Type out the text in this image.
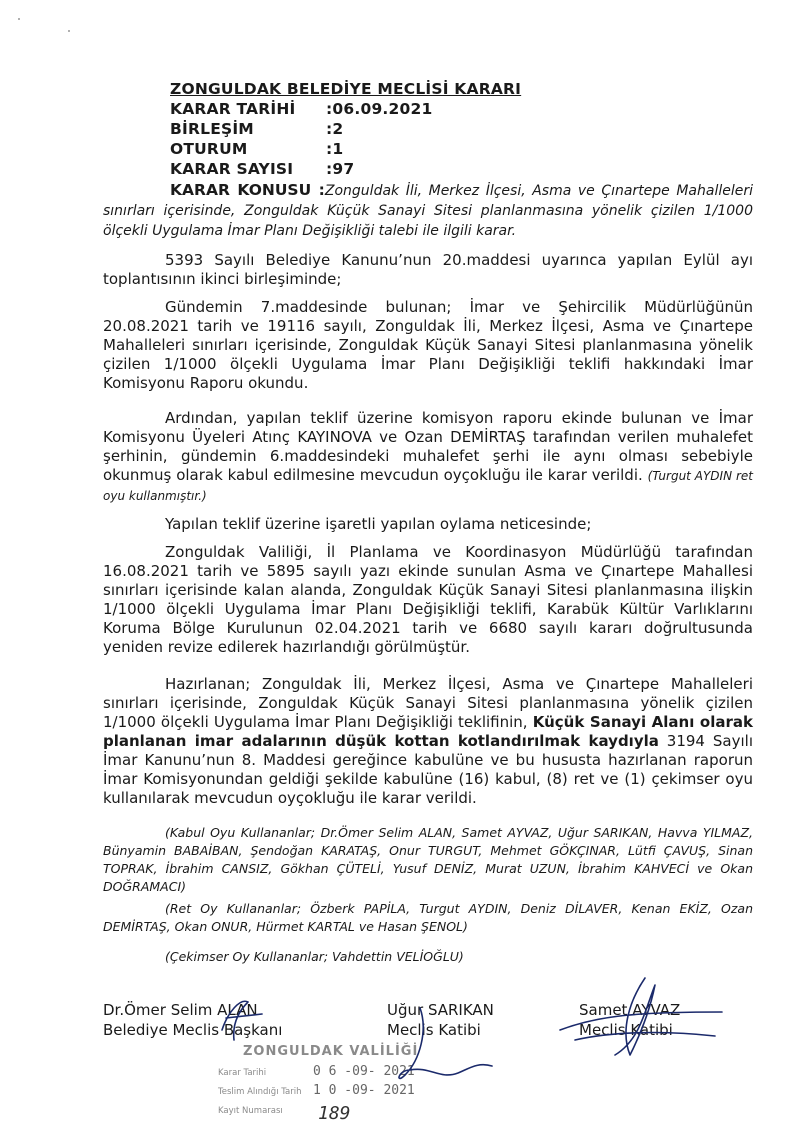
ZONGULDAK BELEDİYE MECLİSİ KARARI
KARAR TARİHİ	:06.09.2021
BİRLEŞİM	:2
OTURUM	:1
KARAR SAYISI	:97
KARAR KONUSU :Zonguldak İli, Merkez İlçesi, Asma ve Çınartepe Mahalleleri sınırları içerisinde, Zonguldak Küçük Sanayi Sitesi planlanmasına yönelik çizilen 1/1000 ölçekli Uygulama İmar Planı Değişikliği talebi ile ilgili karar.
5393 Sayılı Belediye Kanunu’nun 20.maddesi uyarınca yapılan Eylül ayı toplantısının ikinci birleşiminde;
Gündemin 7.maddesinde bulunan; İmar ve Şehircilik Müdürlüğünün 20.08.2021 tarih ve 19116 sayılı, Zonguldak İli, Merkez İlçesi, Asma ve Çınartepe Mahalleleri sınırları içerisinde, Zonguldak Küçük Sanayi Sitesi planlanmasına yönelik çizilen 1/1000 ölçekli Uygulama İmar Planı Değişikliği teklifi hakkındaki İmar Komisyonu Raporu okundu.
Ardından, yapılan teklif üzerine komisyon raporu ekinde bulunan ve İmar Komisyonu Üyeleri Atınç KAYINOVA ve Ozan DEMİRTAŞ tarafından verilen muhalefet şerhinin, gündemin 6.maddesindeki muhalefet şerhi ile aynı olması sebebiyle okunmuş olarak kabul edilmesine mevcudun oyçokluğu ile karar verildi. (Turgut AYDIN ret oyu kullanmıştır.)
Yapılan teklif üzerine işaretli yapılan oylama neticesinde;
Zonguldak Valiliği, İl Planlama ve Koordinasyon Müdürlüğü tarafından 16.08.2021 tarih ve 5895 sayılı yazı ekinde sunulan Asma ve Çınartepe Mahallesi sınırları içerisinde kalan alanda, Zonguldak Küçük Sanayi Sitesi planlanmasına ilişkin 1/1000 ölçekli Uygulama İmar Planı Değişikliği teklifi, Karabük Kültür Varlıklarını Koruma Bölge Kurulunun 02.04.2021 tarih ve 6680 sayılı kararı doğrultusunda yeniden revize edilerek hazırlandığı görülmüştür.
Hazırlanan; Zonguldak İli, Merkez İlçesi, Asma ve Çınartepe Mahalleleri sınırları içerisinde, Zonguldak Küçük Sanayi Sitesi planlanmasına yönelik çizilen 1/1000 ölçekli Uygulama İmar Planı Değişikliği teklifinin, Küçük Sanayi Alanı olarak planlanan imar adalarının düşük kottan kotlandırılmak kaydıyla 3194 Sayılı İmar Kanunu’nun 8. Maddesi gereğince kabulüne ve bu hususta hazırlanan raporun İmar Komisyonundan geldiği şekilde kabulüne (16) kabul, (8) ret ve (1) çekimser oyu kullanılarak mevcudun oyçokluğu ile karar verildi.
(Kabul Oyu Kullananlar; Dr.Ömer Selim ALAN, Samet AYVAZ, Uğur SARIKAN, Havva YILMAZ, Bünyamin BABAİBAN, Şendoğan KARATAŞ, Onur TURGUT, Mehmet GÖKÇINAR, Lütfi ÇAVUŞ, Sinan TOPRAK, İbrahim CANSIZ, Gökhan ÇÜTELİ, Yusuf DENİZ, Murat UZUN, İbrahim KAHVECİ ve Okan DOĞRAMACI)
(Ret Oy Kullananlar; Özberk PAPİLA, Turgut AYDIN, Deniz DİLAVER, Kenan EKİZ, Ozan DEMİRTAŞ, Okan ONUR, Hürmet KARTAL ve Hasan ŞENOL)
(Çekimser Oy Kullananlar; Vahdettin VELİOĞLU)
Dr.Ömer Selim ALAN
Belediye Meclis Başkanı
Uğur SARIKAN
Meclis Katibi
Samet AYVAZ
Meclis Katibi
ZONGULDAK VALİLİĞİ
Karar Tarihi	0 6 -09- 2021
Teslim Alındığı Tarih 1 0 -09- 2021
Kayıt Numarası 189
